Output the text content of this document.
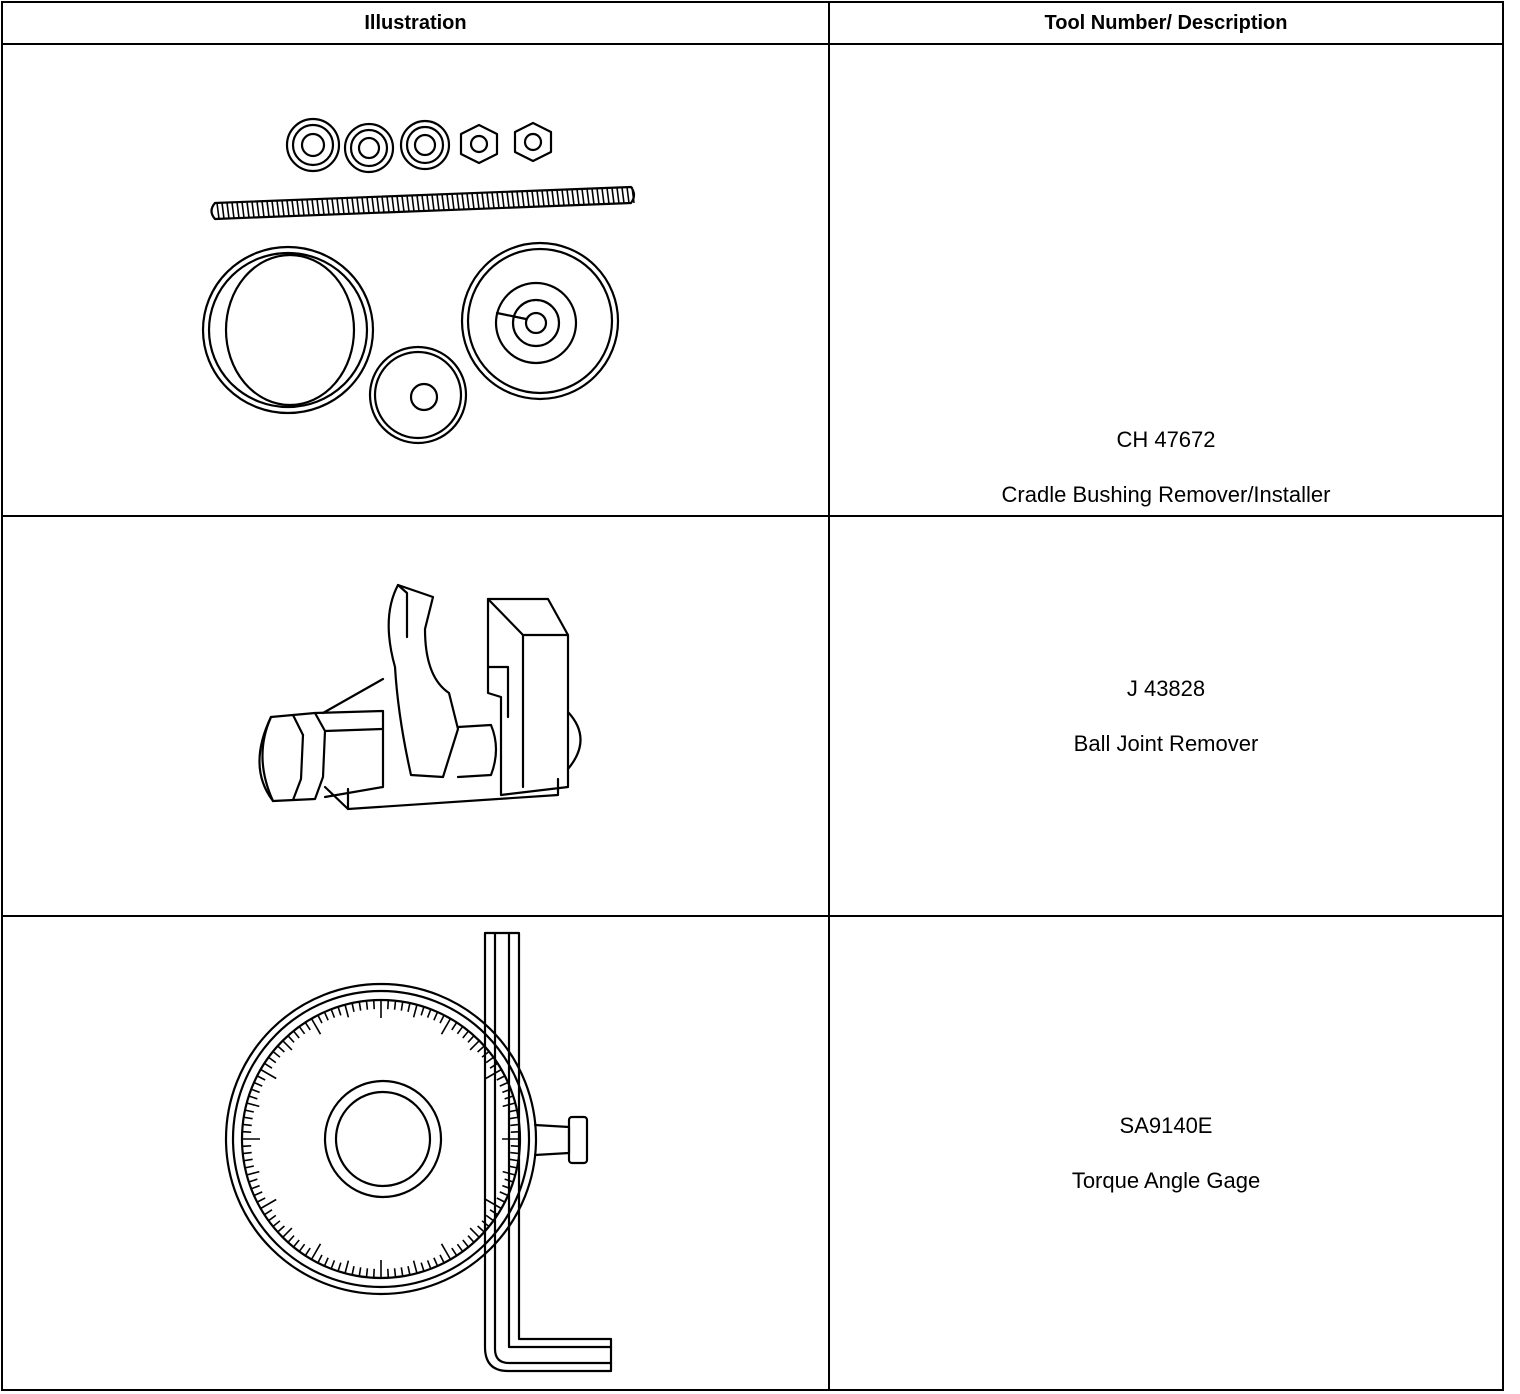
Illustration	Tool Number/ Description

CH 47672
Cradle Bushing Remover/Installer

J 43828
Ball Joint Remover

SA9140E
Torque Angle Gage
